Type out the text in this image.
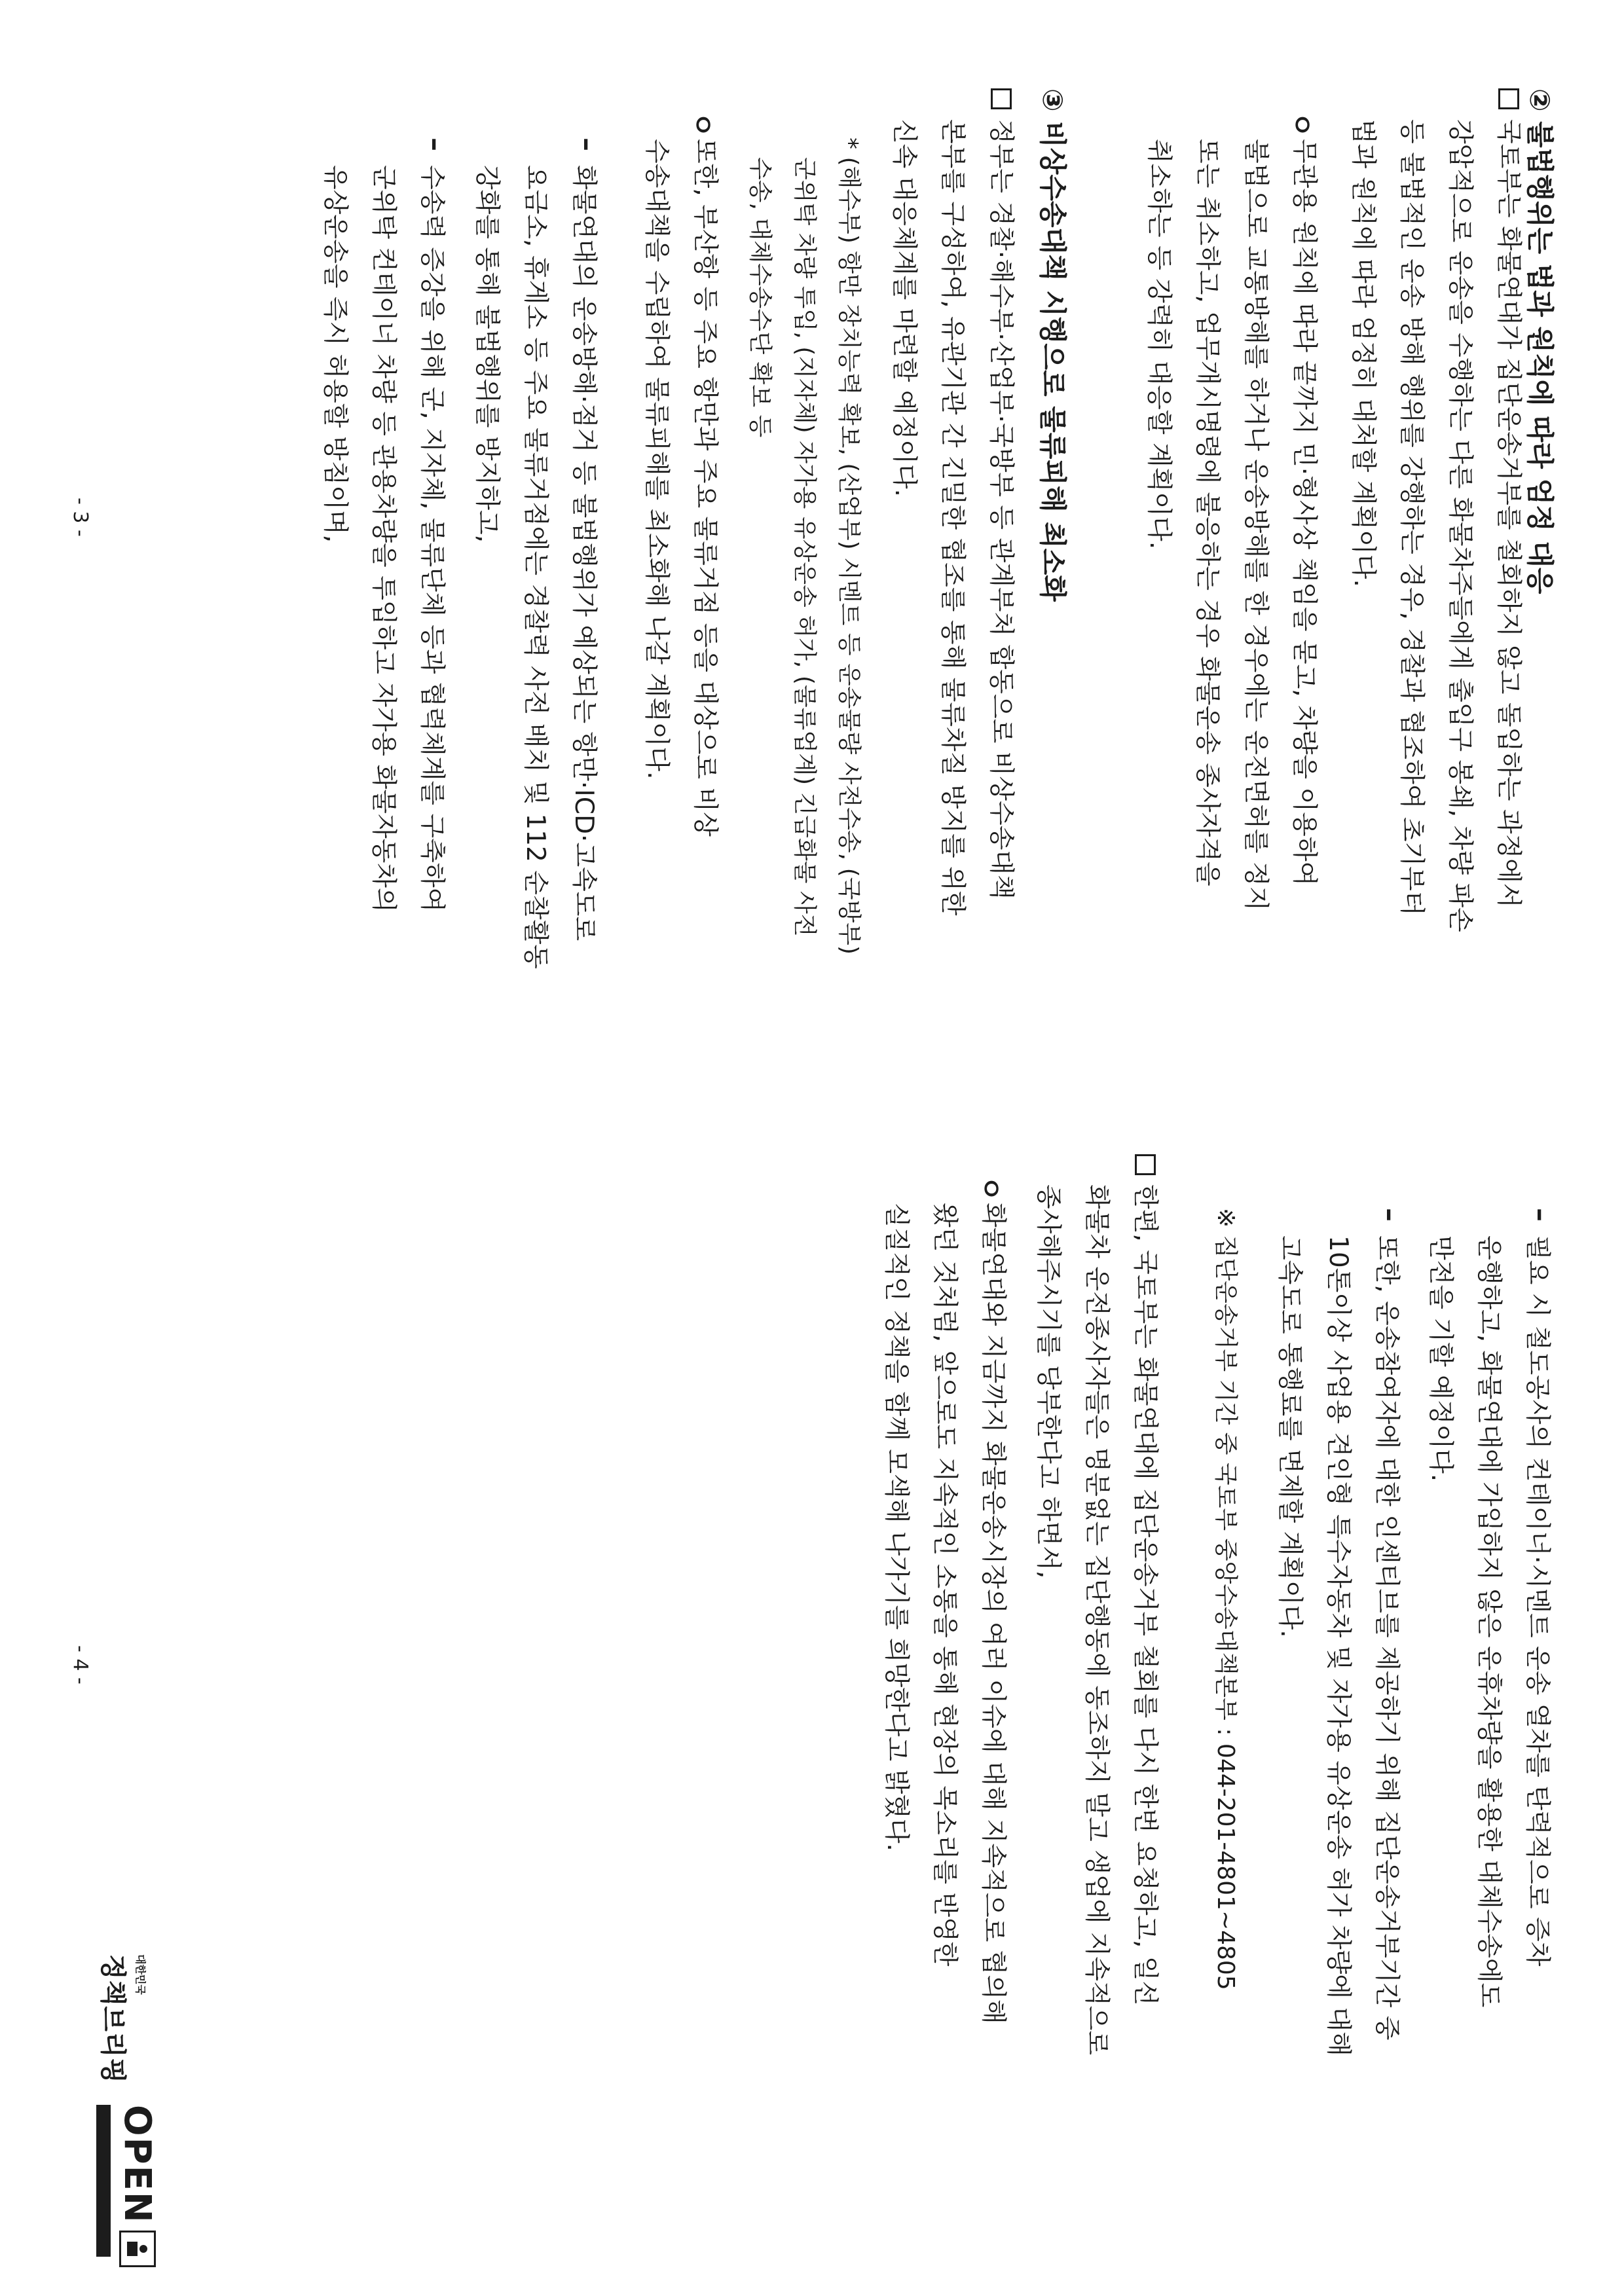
② 불법행위는 법과 원칙에 따라 엄정 대응
국토부는 화물연대가 집단운송거부를 철회하지 않고 돌입하는 과정에서
강압적으로 운송을 수행하는 다른 화물차주들에게 출입구 봉쇄, 차량 파손
등 불법적인 운송 방해 행위를 강행하는 경우, 경찰과 협조하여 초기부터
법과 원칙에 따라 엄정히 대처할 계획이다.
ㅇ
무관용 원칙에 따라 끝까지 민·형사상 책임을 묻고, 차량을 이용하여
불법으로 교통방해를 하거나 운송방해를 한 경우에는 운전면허를 정지
또는 취소하고, 업무개시명령에 불응하는 경우 화물운송 종사자격을
취소하는 등 강력히 대응할 계획이다.
③ 비상수송대책 시행으로 물류피해 최소화
정부는 경찰·해수부·산업부·국방부 등 관계부처 합동으로 비상수송대책
본부를 구성하여, 유관기관 간 긴밀한 협조를 통해 물류차질 방지를 위한
신속 대응체계를 마련할 예정이다.
* (해수부) 항만 장치능력 확보, (산업부) 시멘트 등 운송물량 사전수송, (국방부)
군위탁 차량 투입, (지자체) 자가용 유상운송 허가, (물류업계) 긴급화물 사전
수송, 대체수송수단 확보 등
ㅇ
또한, 부산항 등 주요 항만과 주요 물류거점 등을 대상으로 비상
수송대책을 수립하여 물류피해를 최소화해 나갈 계획이다.
–
화물연대의 운송방해·점거 등 불법행위가 예상되는 항만·ICD·고속도로
요금소, 휴게소 등 주요 물류거점에는 경찰력 사전 배치 및 112 순찰활동
강화를 통해 불법행위를 방지하고,
–
수송력 증강을 위해 군, 지자체, 물류단체 등과 협력체계를 구축하여
군위탁 컨테이너 차량 등 관용차량을 투입하고 자가용 화물자동차의
유상운송을 즉시 허용할 방침이며,
- 3 -
–
필요 시 철도공사의 컨테이너·시멘트 운송 열차를 탄력적으로 증차
운행하고, 화물연대에 가입하지 않은 운휴차량을 활용한 대체수송에도
만전을 기할 예정이다.
–
또한, 운송참여자에 대한 인센티브를 제공하기 위해 집단운송거부기간 중
10톤이상 사업용 견인형 특수자동차 및 자가용 유상운송 허가 차량에 대해
고속도로 통행료를 면제할 계획이다.
※ 집단운송거부 기간 중 국토부 중앙수송대책본부 : 044-201-4801~4805
한편, 국토부는 화물연대에 집단운송거부 철회를 다시 한번 요청하고, 일선
화물차 운전종사자들은 명분없는 집단행동에 동조하지 말고 생업에 지속적으로
종사해주시기를 당부한다고 하면서,
ㅇ
화물연대와 지금까지 화물운송시장의 여러 이슈에 대해 지속적으로 협의해
왔던 것처럼, 앞으로도 지속적인 소통을 통해 현장의 목소리를 반영한
실질적인 정책을 함께 모색해 나가기를 희망한다고 밝혔다.
- 4 -
대한민국
정책브리핑
OPEN
